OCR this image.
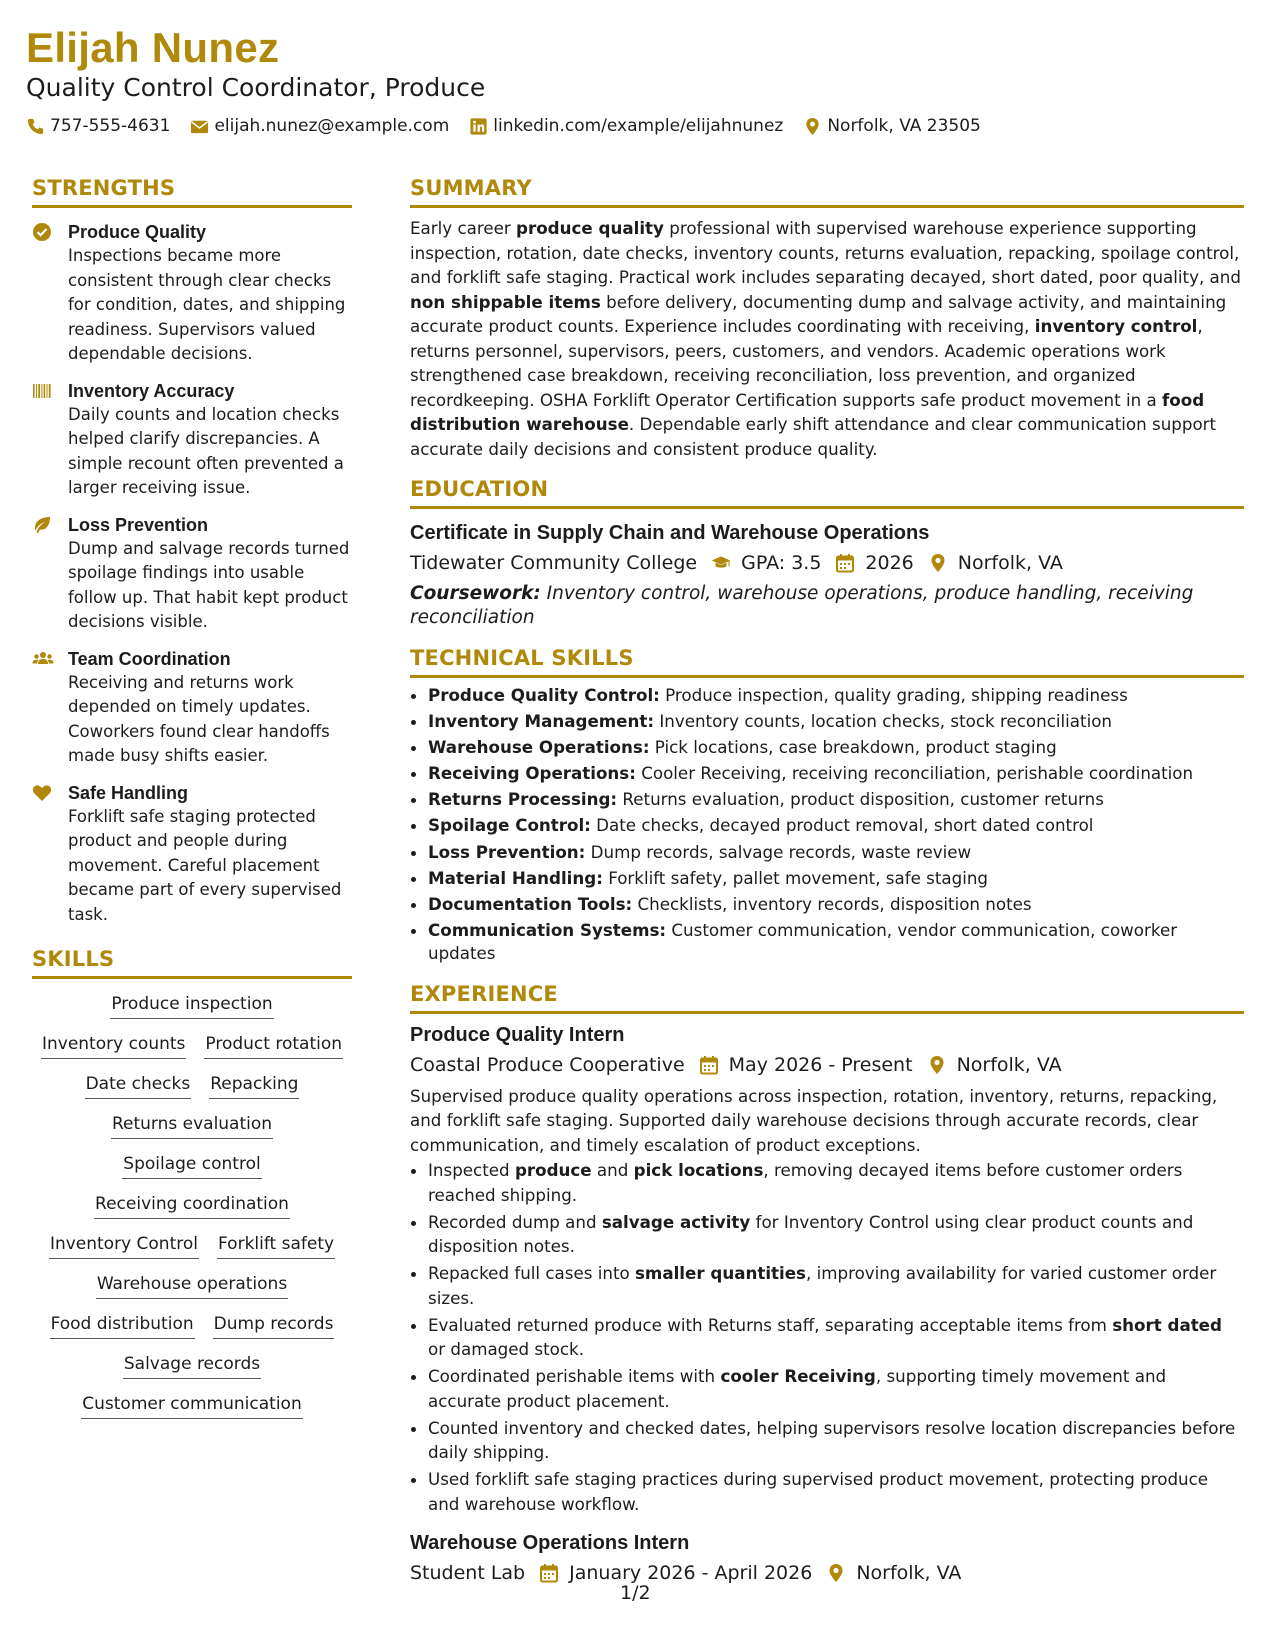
Elijah Nunez
Quality Control Coordinator, Produce
757-555-4631	elijah.nunez@example.com	linkedin.com/example/elijahnunez	Norfolk, VA 23505
STRENGTHS
Produce Quality
Inspections became more consistent through clear checks for condition, dates, and shipping readiness. Supervisors valued dependable decisions.
Inventory Accuracy
Daily counts and location checks helped clarify discrepancies. A simple recount often prevented a larger receiving issue.
Loss Prevention
Dump and salvage records turned spoilage findings into usable follow up. That habit kept product decisions visible.
Team Coordination
Receiving and returns work depended on timely updates. Coworkers found clear handoffs made busy shifts easier.
Safe Handling
Forklift safe staging protected product and people during movement. Careful placement became part of every supervised task.
SKILLS
Produce inspection
Inventory counts Product rotation
Date checks Repacking
Returns evaluation
Spoilage control
Receiving coordination
Inventory Control Forklift safety
Warehouse operations
Food distribution Dump records
Salvage records
Customer communication
SUMMARY
Early career produce quality professional with supervised warehouse experience supporting inspection, rotation, date checks, inventory counts, returns evaluation, repacking, spoilage control, and forklift safe staging. Practical work includes separating decayed, short dated, poor quality, and non shippable items before delivery, documenting dump and salvage activity, and maintaining accurate product counts. Experience includes coordinating with receiving, inventory control, returns personnel, supervisors, peers, customers, and vendors. Academic operations work strengthened case breakdown, receiving reconciliation, loss prevention, and organized recordkeeping. OSHA Forklift Operator Certification supports safe product movement in a food distribution warehouse. Dependable early shift attendance and clear communication support accurate daily decisions and consistent produce quality.
EDUCATION
Certificate in Supply Chain and Warehouse Operations
Tidewater Community College GPA: 3.5 2026 Norfolk, VA
Coursework: Inventory control, warehouse operations, produce handling, receiving reconciliation
TECHNICAL SKILLS
• Produce Quality Control: Produce inspection, quality grading, shipping readiness
• Inventory Management: Inventory counts, location checks, stock reconciliation
• Warehouse Operations: Pick locations, case breakdown, product staging
• Receiving Operations: Cooler Receiving, receiving reconciliation, perishable coordination
• Returns Processing: Returns evaluation, product disposition, customer returns
• Spoilage Control: Date checks, decayed product removal, short dated control
• Loss Prevention: Dump records, salvage records, waste review
• Material Handling: Forklift safety, pallet movement, safe staging
• Documentation Tools: Checklists, inventory records, disposition notes
• Communication Systems: Customer communication, vendor communication, coworker updates
EXPERIENCE
Produce Quality Intern
Coastal Produce Cooperative May 2026 - Present Norfolk, VA
Supervised produce quality operations across inspection, rotation, inventory, returns, repacking, and forklift safe staging. Supported daily warehouse decisions through accurate records, clear communication, and timely escalation of product exceptions.
• Inspected produce and pick locations, removing decayed items before customer orders reached shipping.
• Recorded dump and salvage activity for Inventory Control using clear product counts and disposition notes.
• Repacked full cases into smaller quantities, improving availability for varied customer order sizes.
• Evaluated returned produce with Returns staff, separating acceptable items from short dated or damaged stock.
• Coordinated perishable items with cooler Receiving, supporting timely movement and accurate product placement.
• Counted inventory and checked dates, helping supervisors resolve location discrepancies before daily shipping.
• Used forklift safe staging practices during supervised product movement, protecting produce and warehouse workflow.
Warehouse Operations Intern
Student Lab January 2026 - April 2026 Norfolk, VA
1/2
